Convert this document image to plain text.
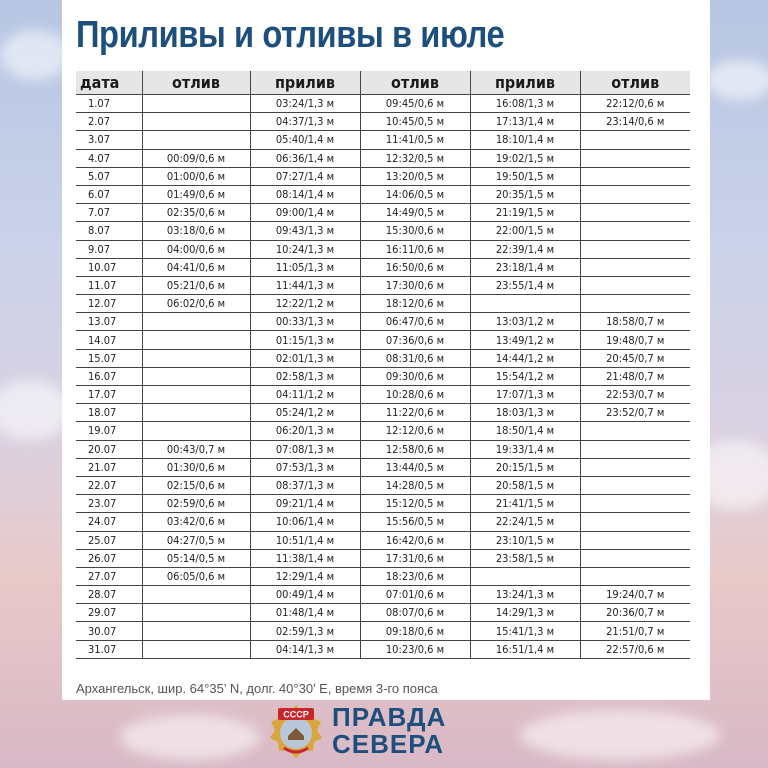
Приливы и отливы в июле
дата	отлив	прилив	отлив	прилив	отлив
1.07		03:24/1,3 м	09:45/0,6 м	16:08/1,3 м	22:12/0,6 м
2.07		04:37/1,3 м	10:45/0,5 м	17:13/1,4 м	23:14/0,6 м
3.07		05:40/1,4 м	11:41/0,5 м	18:10/1,4 м	
4.07	00:09/0,6 м	06:36/1,4 м	12:32/0,5 м	19:02/1,5 м	
5.07	01:00/0,6 м	07:27/1,4 м	13:20/0,5 м	19:50/1,5 м	
6.07	01:49/0,6 м	08:14/1,4 м	14:06/0,5 м	20:35/1,5 м	
7.07	02:35/0,6 м	09:00/1,4 м	14:49/0,5 м	21:19/1,5 м	
8.07	03:18/0,6 м	09:43/1,3 м	15:30/0,6 м	22:00/1,5 м	
9.07	04:00/0,6 м	10:24/1,3 м	16:11/0,6 м	22:39/1,4 м	
10.07	04:41/0,6 м	11:05/1,3 м	16:50/0,6 м	23:18/1,4 м	
11.07	05:21/0,6 м	11:44/1,3 м	17:30/0,6 м	23:55/1,4 м	
12.07	06:02/0,6 м	12:22/1,2 м	18:12/0,6 м		
13.07		00:33/1,3 м	06:47/0,6 м	13:03/1,2 м	18:58/0,7 м
14.07		01:15/1,3 м	07:36/0,6 м	13:49/1,2 м	19:48/0,7 м
15.07		02:01/1,3 м	08:31/0,6 м	14:44/1,2 м	20:45/0,7 м
16.07		02:58/1,3 м	09:30/0,6 м	15:54/1,2 м	21:48/0,7 м
17.07		04:11/1,2 м	10:28/0,6 м	17:07/1,3 м	22:53/0,7 м
18.07		05:24/1,2 м	11:22/0,6 м	18:03/1,3 м	23:52/0,7 м
19.07		06:20/1,3 м	12:12/0,6 м	18:50/1,4 м	
20.07	00:43/0,7 м	07:08/1,3 м	12:58/0,6 м	19:33/1,4 м	
21.07	01:30/0,6 м	07:53/1,3 м	13:44/0,5 м	20:15/1,5 м	
22.07	02:15/0,6 м	08:37/1,3 м	14:28/0,5 м	20:58/1,5 м	
23.07	02:59/0,6 м	09:21/1,4 м	15:12/0,5 м	21:41/1,5 м	
24.07	03:42/0,6 м	10:06/1,4 м	15:56/0,5 м	22:24/1,5 м	
25.07	04:27/0,5 м	10:51/1,4 м	16:42/0,6 м	23:10/1,5 м	
26.07	05:14/0,5 м	11:38/1,4 м	17:31/0,6 м	23:58/1,5 м	
27.07	06:05/0,6 м	12:29/1,4 м	18:23/0,6 м		
28.07		00:49/1,4 м	07:01/0,6 м	13:24/1,3 м	19:24/0,7 м
29.07		01:48/1,4 м	08:07/0,6 м	14:29/1,3 м	20:36/0,7 м
30.07		02:59/1,3 м	09:18/0,6 м	15:41/1,3 м	21:51/0,7 м
31.07		04:14/1,3 м	10:23/0,6 м	16:51/1,4 м	22:57/0,6 м
Архангельск, шир. 64°35’ N, долг. 40°30’ E, время 3-го пояса
СССР ПРАВДА
СЕВЕРА
